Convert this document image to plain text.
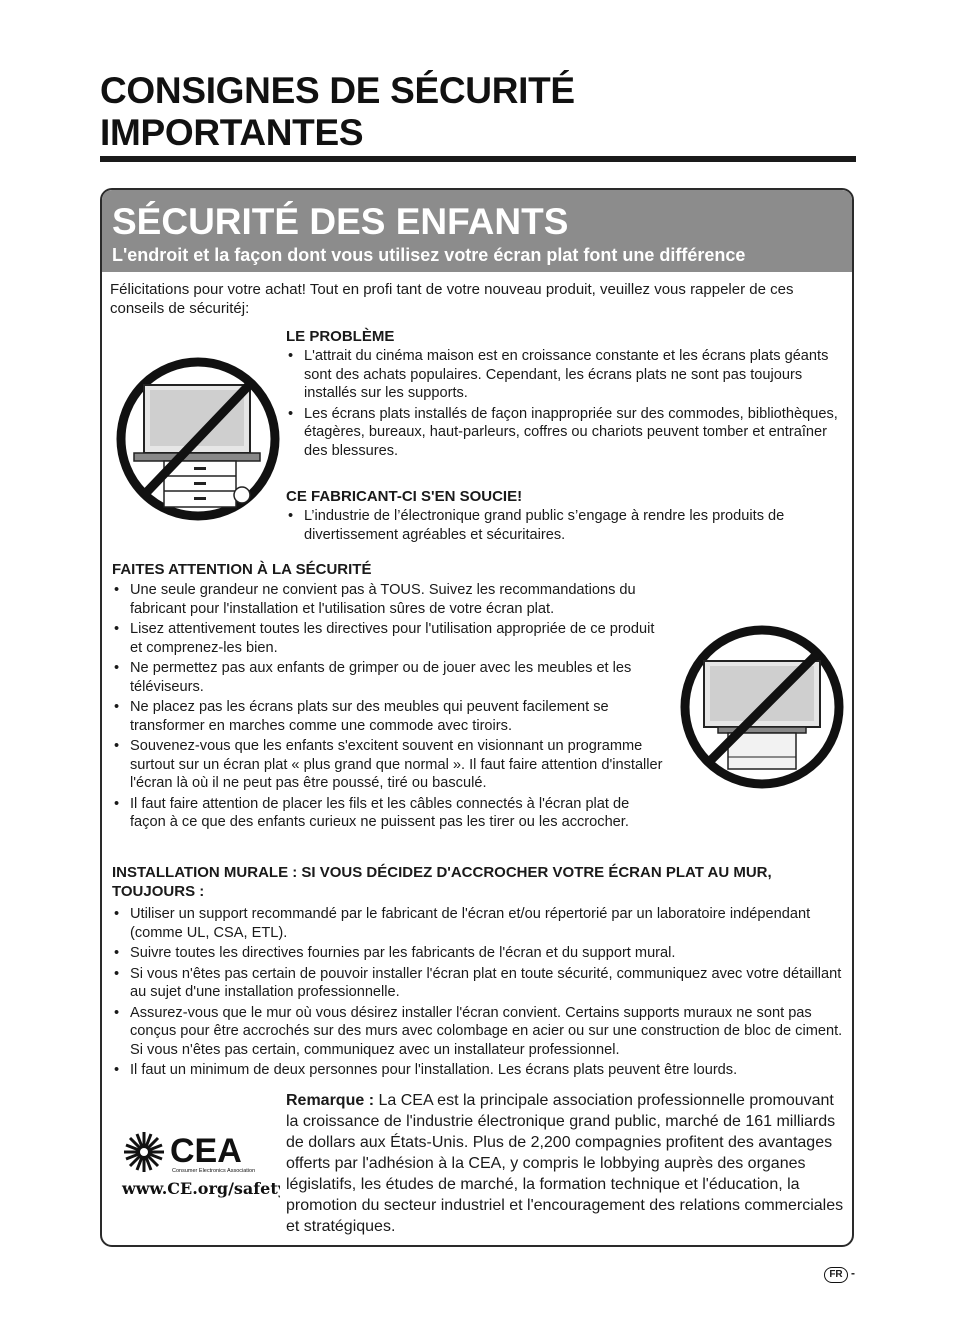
CONSIGNES DE SÉCURITÉ
IMPORTANTES
SÉCURITÉ DES ENFANTS
L'endroit et la façon dont vous utilisez votre écran plat font une différence
Félicitations pour votre achat! Tout en profi tant de votre nouveau produit, veuillez vous rappeler de ces conseils de sécuritéj:
LE PROBLÈME
• L'attrait du cinéma maison est en croissance constante et les écrans plats géants sont des achats populaires. Cependant, les écrans plats ne sont pas toujours installés sur les supports.
• Les écrans plats installés de façon inappropriée sur des commodes, bibliothèques, étagères, bureaux, haut-parleurs, coffres ou chariots peuvent tomber et entraîner des blessures.
CE FABRICANT-CI S'EN SOUCIE!
• L’industrie de l’électronique grand public s’engage à rendre les produits de divertissement agréables et sécuritaires.
FAITES ATTENTION À LA SÉCURITÉ
• Une seule grandeur ne convient pas à TOUS. Suivez les recommandations du fabricant pour l'installation et l'utilisation sûres de votre écran plat.
• Lisez attentivement toutes les directives pour l'utilisation appropriée de ce produit et comprenez-les bien.
• Ne permettez pas aux enfants de grimper ou de jouer avec les meubles et les téléviseurs.
• Ne placez pas les écrans plats sur des meubles qui peuvent facilement se transformer en marches comme une commode avec tiroirs.
• Souvenez-vous que les enfants s'excitent souvent en visionnant un programme surtout sur un écran plat « plus grand que normal ». Il faut faire attention d'installer l'écran là où il ne peut pas être poussé, tiré ou basculé.
• Il faut faire attention de placer les fils et les câbles connectés à l'écran plat de façon à ce que des enfants curieux ne puissent pas les tirer ou les accrocher.
INSTALLATION MURALE : SI VOUS DÉCIDEZ D'ACCROCHER VOTRE ÉCRAN PLAT AU MUR, TOUJOURS :
• Utiliser un support recommandé par le fabricant de l'écran et/ou répertorié par un laboratoire indépendant (comme UL, CSA, ETL).
• Suivre toutes les directives fournies par les fabricants de l'écran et du support mural.
• Si vous n'êtes pas certain de pouvoir installer l'écran plat en toute sécurité, communiquez avec votre détaillant au sujet d'une installation professionnelle.
• Assurez-vous que le mur où vous désirez installer l'écran convient. Certains supports muraux ne sont pas conçus pour être accrochés sur des murs avec colombage en acier ou sur une construction de bloc de ciment. Si vous n'êtes pas certain, communiquez avec un installateur professionnel.
• Il faut un minimum de deux personnes pour l'installation. Les écrans plats peuvent être lourds.
CEA
Consumer Electronics Association
www.CE.org/safety
Remarque : La CEA est la principale association professionnelle promouvant la croissance de l'industrie électronique grand public, marché de 161 milliards de dollars aux États-Unis. Plus de 2,200 compagnies profitent des avantages offerts par l'adhésion à la CEA, y compris le lobbying auprès des organes législatifs, les études de marché, la formation technique et l'éducation, la promotion du secteur industriel et l'encouragement des relations commerciales et stratégiques.
FR -
